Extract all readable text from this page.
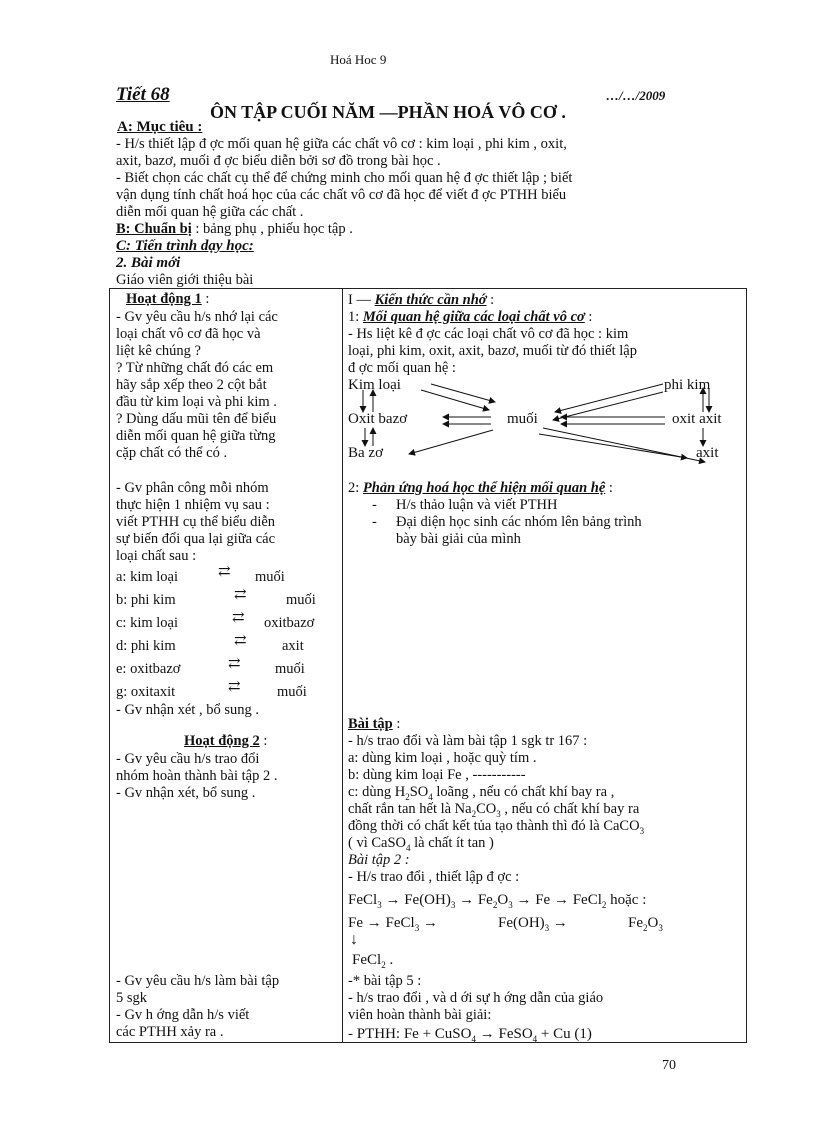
Hoá Hoc 9
Tiết 68	…/…/2009
ÔN TẬP CUỐI NĂM —PHẦN HOÁ VÔ CƠ .
A: Mục tiêu :
- H/s thiết lập đ ợc mối quan hệ giữa các chất vô cơ : kim loại , phi kim , oxit,
axit, bazơ, muối đ ợc biểu diễn bởi sơ đồ trong bài học .
- Biết chọn các chất cụ thể để chứng minh cho mối quan hệ đ ợc thiết lập ; biết
vận dụng tính chất hoá học của các chất vô cơ đã học để viết đ ợc PTHH biểu
diễn mối quan hệ giữa các chất .
B: Chuẩn bị : bảng phụ , phiếu học tập .
C: Tiến trình dạy học:
2. Bài mới
Giáo viên giới thiệu bài
Hoạt động 1 :
- Gv yêu cầu h/s nhớ lại các
loại chất vô cơ đã học và
liệt kê chúng ?
? Từ những chất đó các em
hãy sắp xếp theo 2 cột bắt
đầu từ kim loại và phi kim .
? Dùng dấu mũi tên để biểu
diễn mối quan hệ giữa từng
cặp chất có thể có .
- Gv phân công mỗi nhóm
thực hiện 1 nhiệm vụ sau :
viết PTHH cụ thể biểu diễn
sự biến đổi qua lại giữa các
loại chất sau :
a: kim loại	⇄ muối
b: phi kim	⇄	muối
c: kim loại	⇄ oxitbazơ
d: phi kim	⇄	axit
e: oxitbazơ	⇄ muối
g: oxitaxit	⇄	muối
- Gv nhận xét , bổ sung .
Hoạt động 2 :
- Gv yêu cầu h/s trao đổi
nhóm hoàn thành bài tập 2 .
- Gv nhận xét, bổ sung .
- Gv yêu cầu h/s làm bài tập
5 sgk
- Gv h ớng dẫn h/s viết
các PTHH xảy ra .
I — Kiến thức cần nhớ :
1: Mối quan hệ giữa các loại chất vô cơ :
- Hs liệt kê đ ợc các loại chất vô cơ đã học : kim
loại, phi kim, oxit, axit, bazơ, muối từ đó thiết lập
đ ợc mối quan hệ :
Kim loại	phi kim
Oxit bazơ	muối	oxit axit
Ba zơ	axit
2: Phản ứng hoá học thể hiện mối quan hệ :
- H/s thảo luận và viết PTHH
- Đại diện học sinh các nhóm lên bảng trình
bày bài giải của mình
Bài tập :
- h/s trao đổi và làm bài tập 1 sgk tr 167 :
a: dùng kim loại , hoặc quỳ tím .
b: dùng kim loại Fe , -----------
c: dùng $H_2SO_4$ loãng , nếu có chất khí bay ra ,
chất rắn tan hết là $Na_2CO_3$ , nếu có chất khí bay ra
đồng thời có chất kết tủa tạo thành thì đó là CaCO$_3$
( vì CaSO$_4$ là chất ít tan )
Bài tập 2 :
- H/s trao đổi , thiết lập đ ợc :
FeCl$_3$ → $Fe(OH)_3 \to Fe_2O_3 \to Fe$ → FeCl$_2$ hoặc :
Fe → FeCl$_3$ →	$Fe(OH)_3$ →	$Fe_2O_3$
↓
FeCl$_2$ .
-* bài tập 5 :
- h/s trao đổi , và d ới sự h ớng dẫn của giáo
viên hoàn thành bài giải:
- PTHH: Fe + CuSO$_4$ → FeSO$_4$ + Cu (1)
70
